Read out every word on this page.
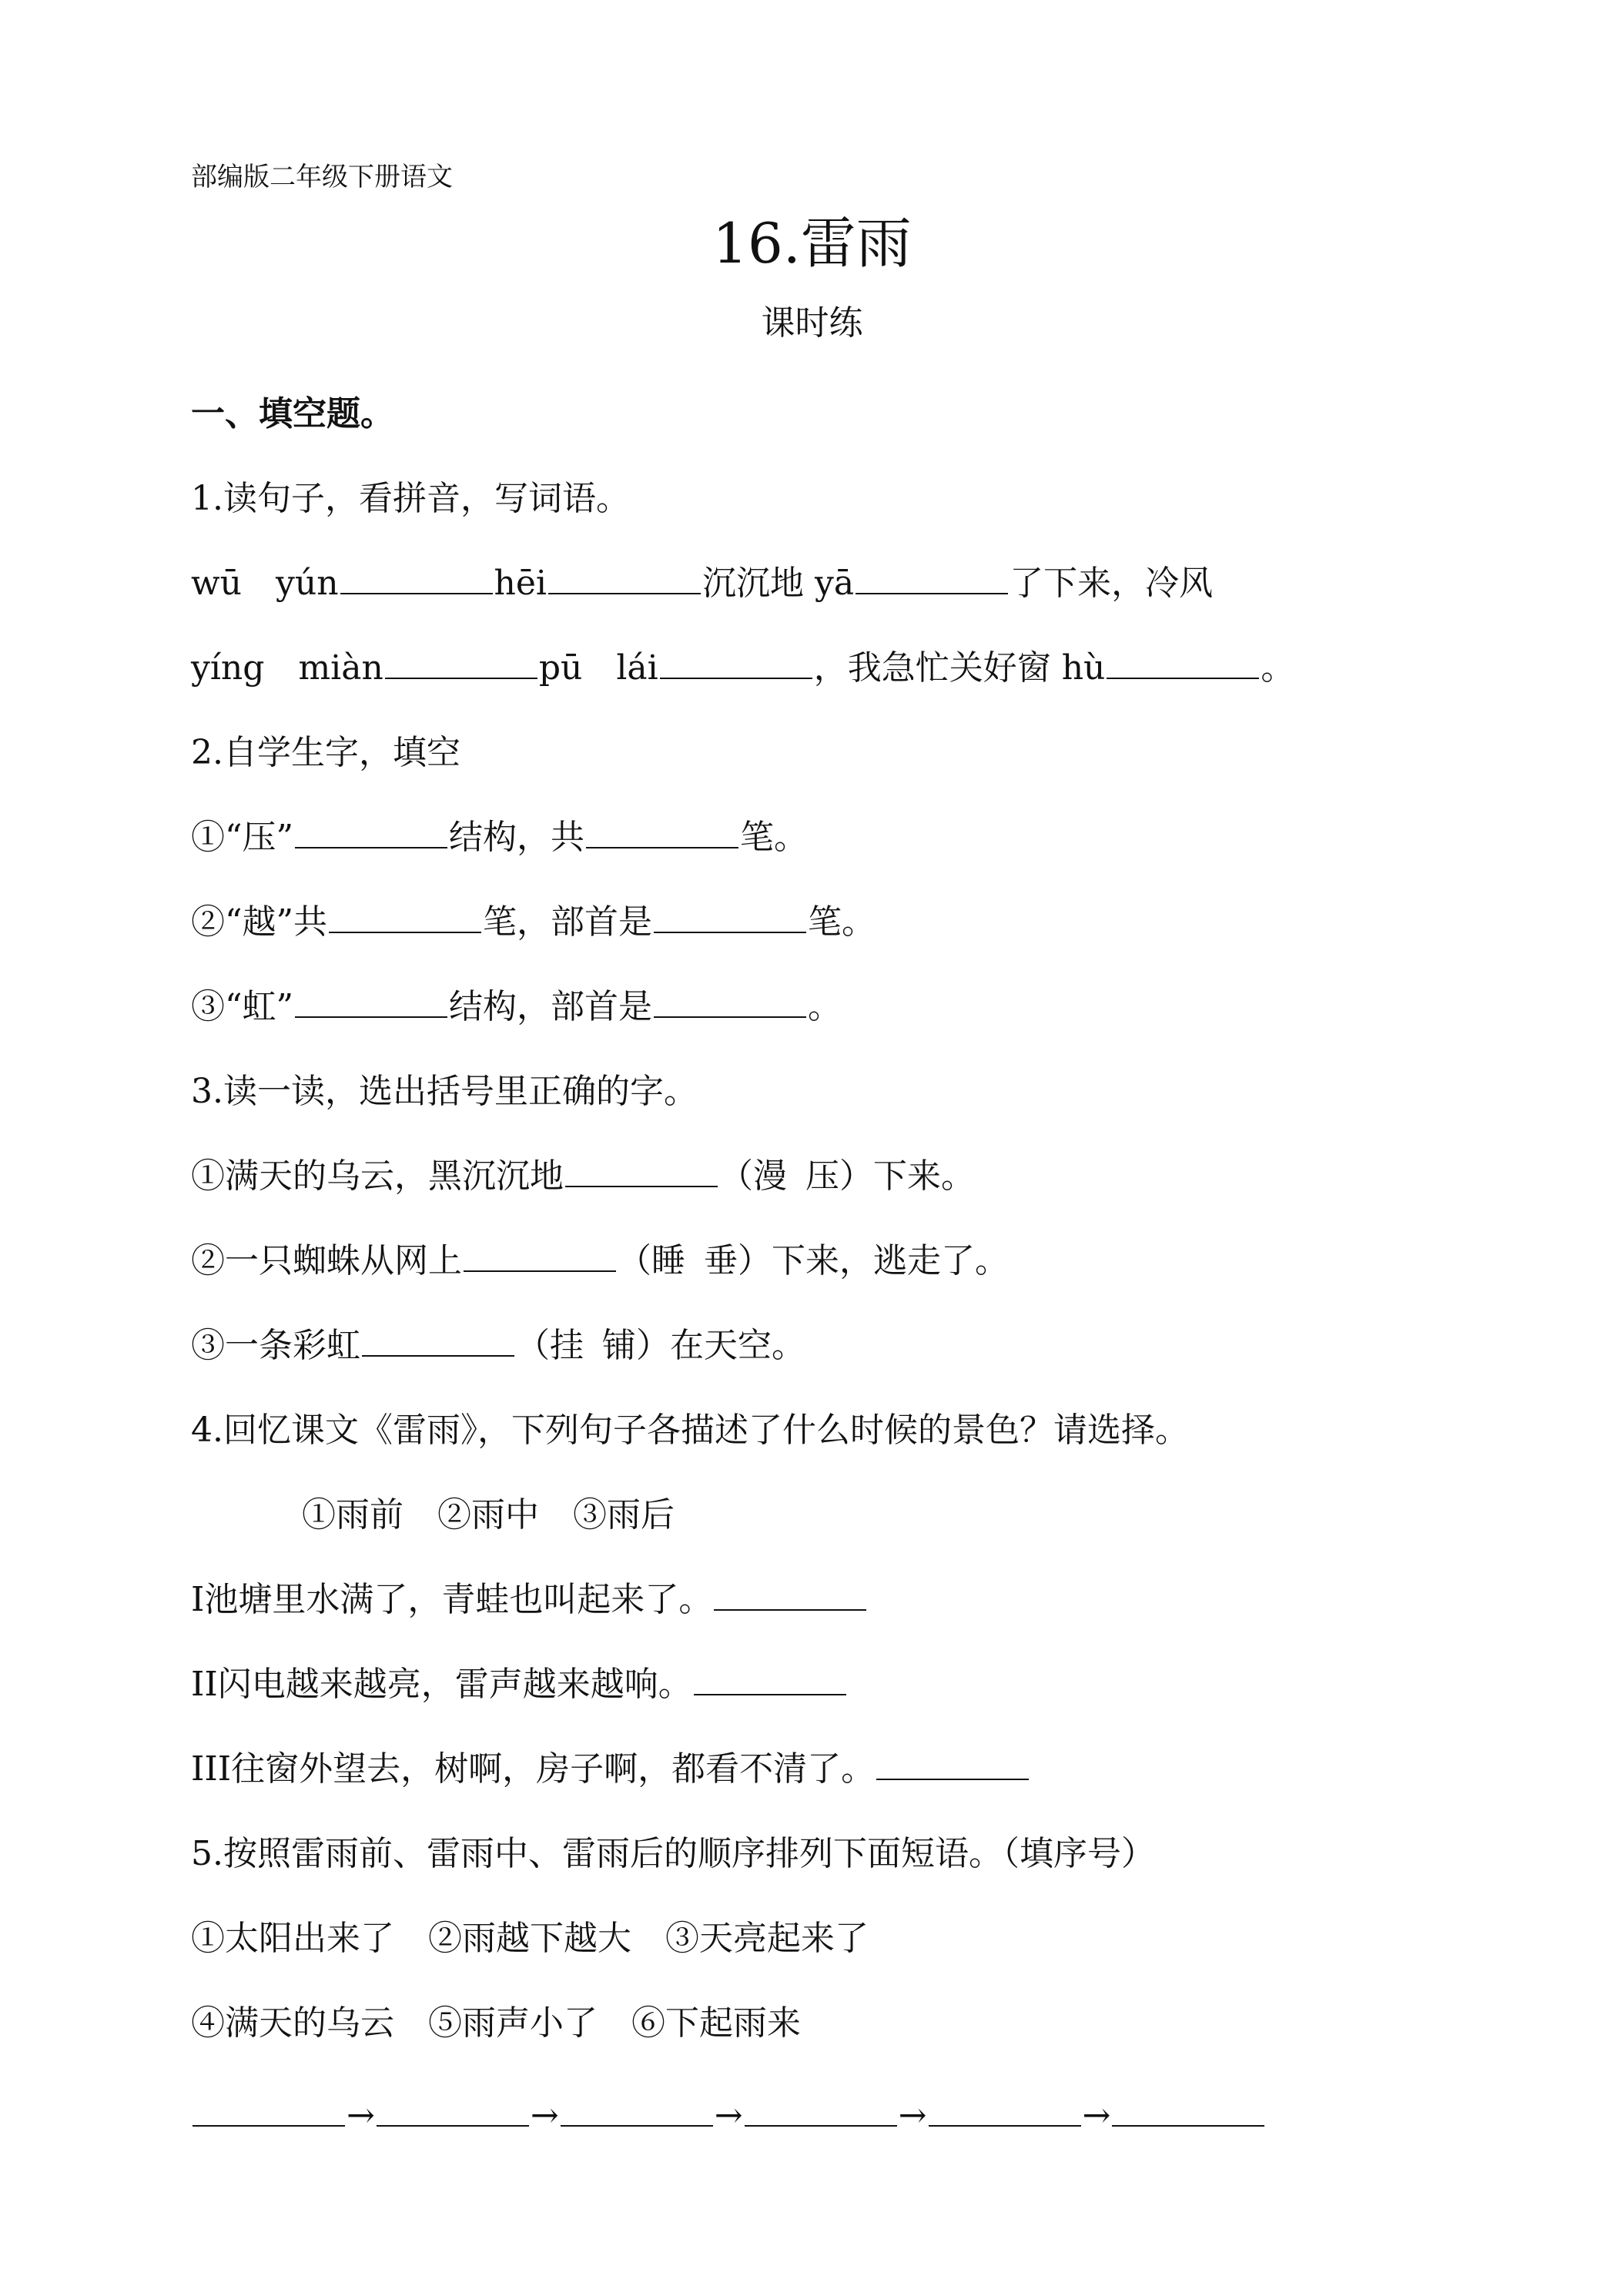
部编版二年级下册语文
16.雷雨
课时练
一、填空题。
1.读句子，看拼音，写词语。
wū yún	hēi	沉沉地 yā	了下来，冷风
yíng miàn	pū lái	，我急忙关好窗 hù	。
2.自学生字，填空
①“压”	结构，共	笔。
②“越”共	笔，部首是	笔。
③“虹”	结构，部首是	。
3.读一读，选出括号里正确的字。
①满天的乌云，黑沉沉地	（漫 压）下来。
②一只蜘蛛从网上	（睡 垂）下来，逃走了。
③一条彩虹	（挂 铺）在天空。
4.回忆课文《雷雨》，下列句子各描述了什么时候的景色？请选择。
①雨前 ②雨中 ③雨后
I池塘里水满了，青蛙也叫起来了。
II闪电越来越亮，雷声越来越响。
III往窗外望去，树啊，房子啊，都看不清了。
5.按照雷雨前、雷雨中、雷雨后的顺序排列下面短语。（填序号）
①太阳出来了 ②雨越下越大 ③天亮起来了
④满天的乌云 ⑤雨声小了 ⑥下起雨来
→	→	→	→	→
